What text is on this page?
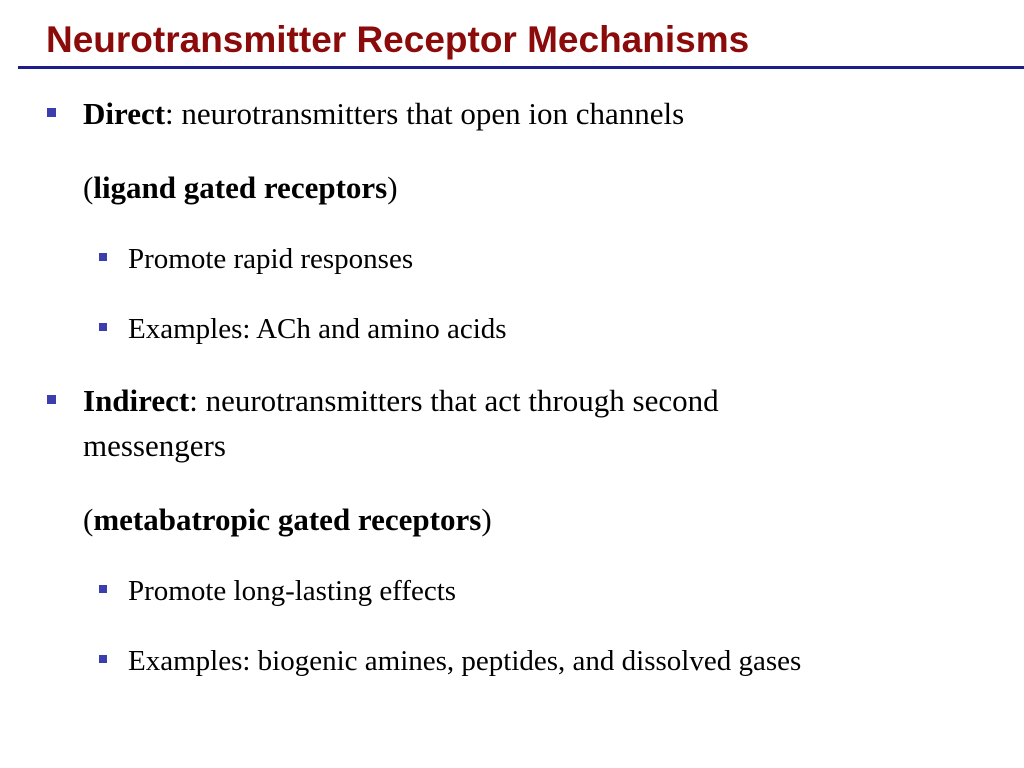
Neurotransmitter Receptor Mechanisms

Direct: neurotransmitters that open ion channels

(ligand gated receptors)

Promote rapid responses

Examples: ACh and amino acids

Indirect: neurotransmitters that act through second

messengers

(metabatropic gated receptors)

Promote long-lasting effects

Examples: biogenic amines, peptides, and dissolved gases
